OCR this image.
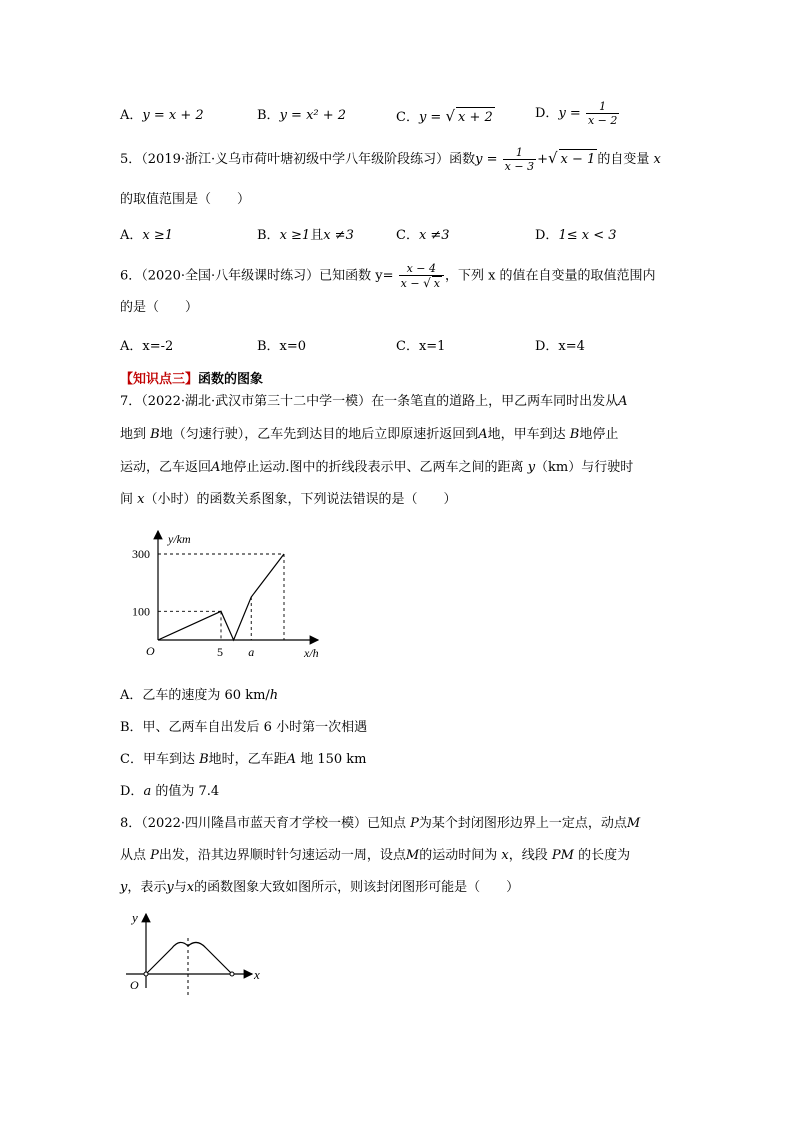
A．y = x + 2	B．y = x² + 2	C．y = √ x + 2	D．$y = \frac{1}{x - 2}$
5．（2019·浙江·义乌市荷叶塘初级中学八年级阶段练习）函数$y = \frac{1}{x - 3}$ +√ x − 1 的自变量 x
的取值范围是（　　）
A．x ≥1	B．x ≥1且x ≠3	C．x ≠3	D．1≤ x < 3
6．（2020·全国·八年级课时练习）已知函数 $y= \frac{x - 4}{x - √ x}$ ，下列 x 的值在自变量的取值范围内
的是（　　）
A．x=-2	B．x=0	C．x=1	D．x=4
【知识点三】函数的图象
7．（2022·湖北·武汉市第三十二中学一模）在一条笔直的道路上，甲乙两车同时出发从A
地到 B地（匀速行驶），乙车先到达目的地后立即原速折返回到A地，甲车到达 B地停止
运动，乙车返回A地停止运动.图中的折线段表示甲、乙两车之间的距离 y（km）与行驶时
间 x（小时）的函数关系图象，下列说法错误的是（　　）
y/km
x/h
O
100
300
5 a
A．乙车的速度为 60 km/h
B．甲、乙两车自出发后 6 小时第一次相遇
C．甲车到达 B地时，乙车距A 地 150 km
D．a 的值为 7.4
8．（2022·四川隆昌市蓝天育才学校一模）已知点 P为某个封闭图形边界上一定点，动点M
从点 P出发，沿其边界顺时针匀速运动一周，设点M的运动时间为 x，线段 PM 的长度为
y，表示y与x的函数图象大致如图所示，则该封闭图形可能是（　　）
y
x
O
